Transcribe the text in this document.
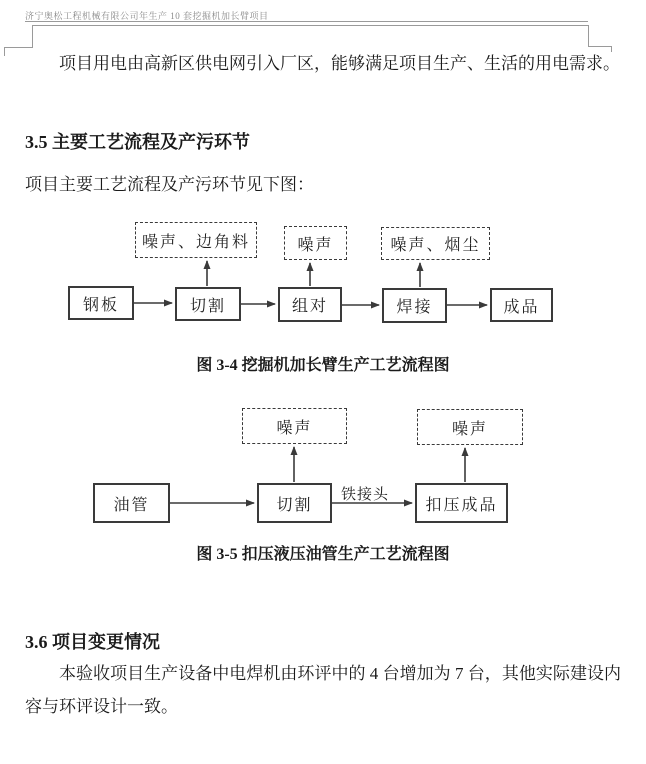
济宁奥松工程机械有限公司年生产 10 套挖掘机加长臂项目
项目用电由高新区供电网引入厂区，能够满足项目生产、生活的用电需求。
3.5 主要工艺流程及产污环节
项目主要工艺流程及产污环节见下图：
噪声、边角料	噪声	噪声、烟尘
钢板	切割	组对	焊接	成品
图 3-4 挖掘机加长臂生产工艺流程图
噪声	噪声
油管	切割	扣压成品
铁接头
图 3-5 扣压液压油管生产工艺流程图
3.6 项目变更情况
本验收项目生产设备中电焊机由环评中的 4 台增加为 7 台，其他实际建设内容与环评设计一致。
